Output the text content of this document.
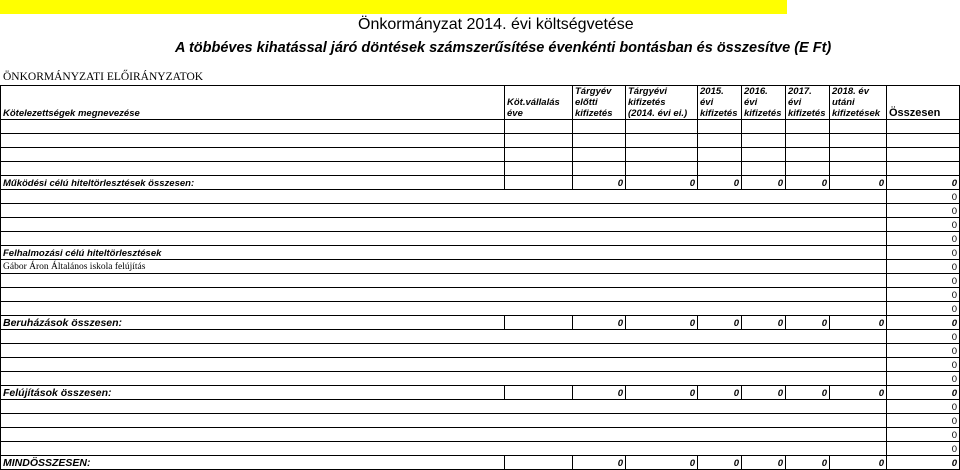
Önkormányzat 2014. évi költségvetése
A többéves kihatással járó döntések számszerűsítése évenkénti bontásban és összesítve (E Ft)
ÖNKORMÁNYZATI ELŐIRÁNYZATOK
Kötelezettségek megnevezése	Köt.vállalás éve	Tárgyév előtti kifizetés	Tárgyévi kifizetés (2014. évi ei.)	2015. évi kifizetés	2016. évi kifizetés	2017. évi kifizetés	2018. év utáni kifizetések	Összesen

Működési célú hiteltörlesztések összesen:		0	0	0	0	0	0	0
								0
								0
								0
								0
Felhalmozási célú hiteltörlesztések								0
Gábor Áron Általános iskola felújítás								0
								0
								0
								0
Beruházások összesen:		0	0	0	0	0	0	0
								0
								0
								0
								0
Felújítások összesen:		0	0	0	0	0	0	0
								0
								0
								0
								0
MINDÖSSZESEN:		0	0	0	0	0	0	0
